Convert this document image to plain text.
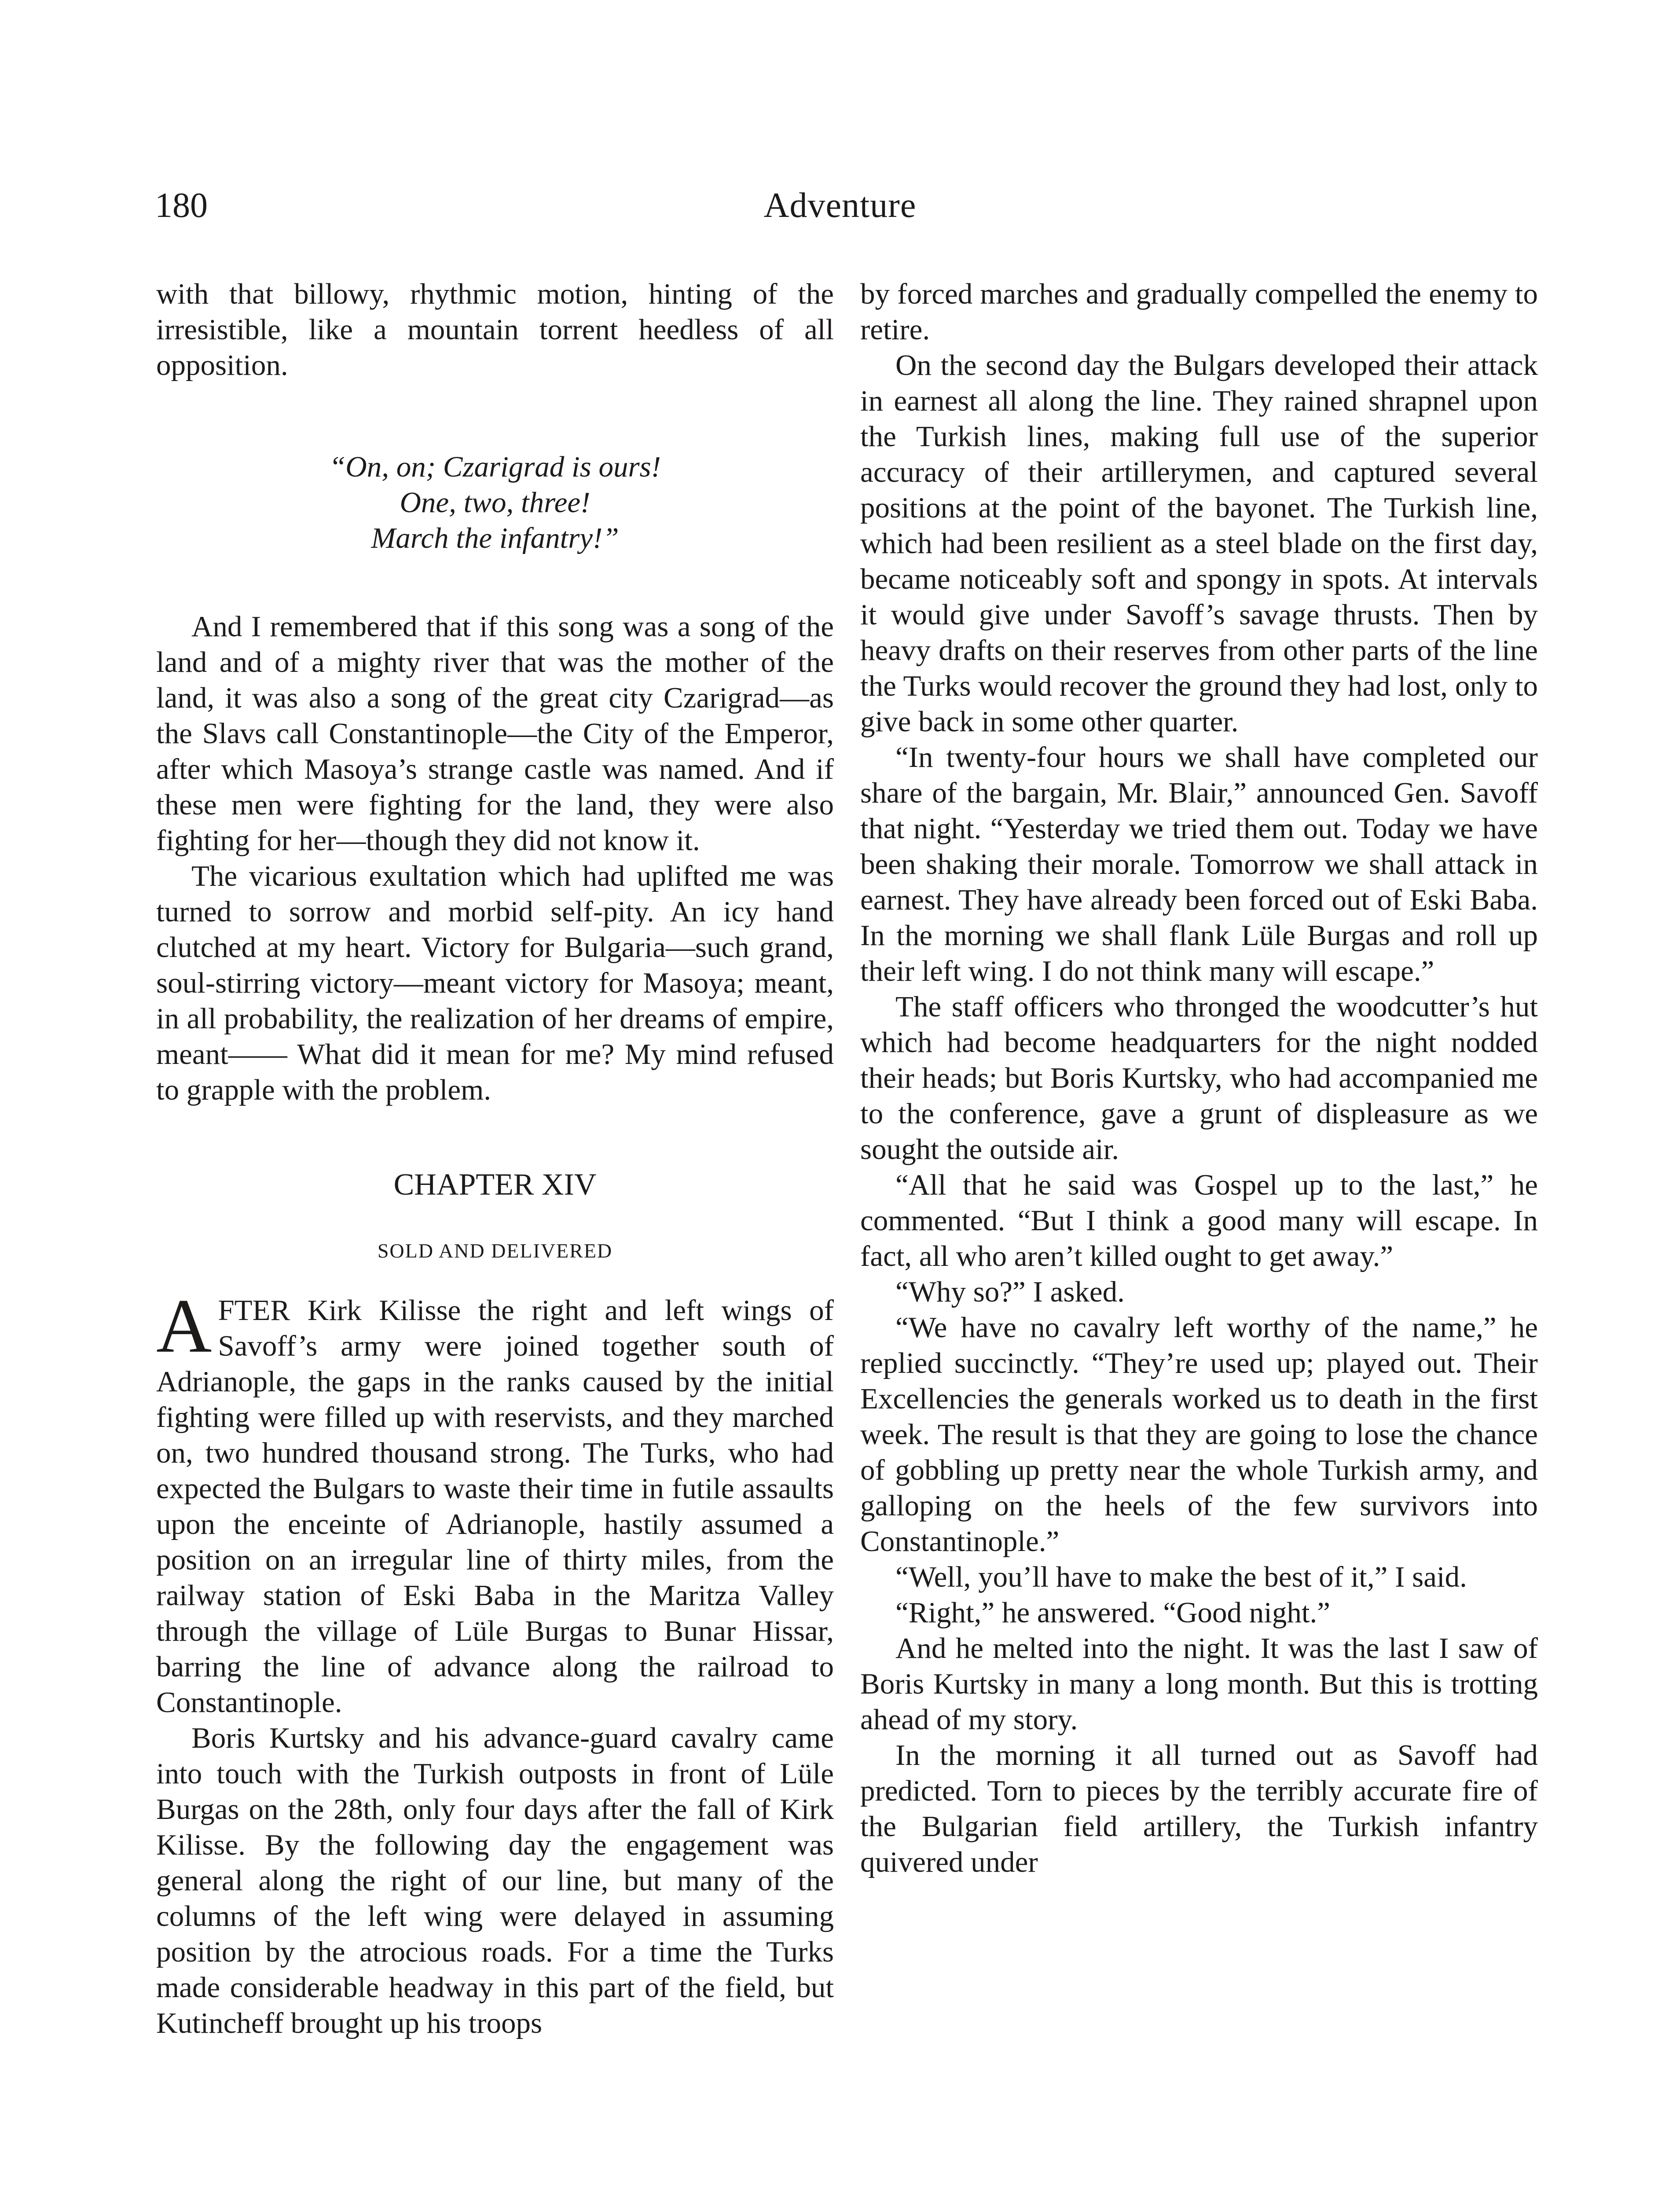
Adventure
180

with that billowy, rhythmic motion, hinting of the irresistible, like a mountain torrent heedless of all opposition.

“On, on; Czarigrad is ours!
One, two, three!
March the infantry!”

And I remembered that if this song was a song of the land and of a mighty river that was the mother of the land, it was also a song of the great city Czarigrad—as the Slavs call Constantinople—the City of the Emperor, after which Masoya’s strange castle was named. And if these men were fighting for the land, they were also fighting for her—though they did not know it.

The vicarious exultation which had uplifted me was turned to sorrow and morbid self-pity. An icy hand clutched at my heart. Victory for Bulgaria—such grand, soul-stirring victory—meant victory for Masoya; meant, in all probability, the realization of her dreams of empire, meant—— What did it mean for me? My mind refused to grapple with the problem.

CHAPTER XIV
SOLD AND DELIVERED

AFTER Kirk Kilisse the right and left wings of Savoff’s army were joined together south of Adrianople, the gaps in the ranks caused by the initial fighting were filled up with reservists, and they marched on, two hundred thousand strong. The Turks, who had expected the Bulgars to waste their time in futile assaults upon the enceinte of Adrianople, hastily assumed a position on an irregular line of thirty miles, from the railway station of Eski Baba in the Maritza Valley through the village of Lüle Burgas to Bunar Hissar, barring the line of advance along the railroad to Constantinople.

Boris Kurtsky and his advance-guard cavalry came into touch with the Turkish outposts in front of Lüle Burgas on the 28th, only four days after the fall of Kirk Kilisse. By the following day the engagement was general along the right of our line, but many of the columns of the left wing were delayed in assuming position by the atrocious roads. For a time the Turks made considerable headway in this part of the field, but Kutincheff brought up his troops

by forced marches and gradually compelled the enemy to retire.

On the second day the Bulgars developed their attack in earnest all along the line. They rained shrapnel upon the Turkish lines, making full use of the superior accuracy of their artillerymen, and captured several positions at the point of the bayonet. The Turkish line, which had been resilient as a steel blade on the first day, became noticeably soft and spongy in spots. At intervals it would give under Savoff’s savage thrusts. Then by heavy drafts on their reserves from other parts of the line the Turks would recover the ground they had lost, only to give back in some other quarter.

“In twenty-four hours we shall have completed our share of the bargain, Mr. Blair,” announced Gen. Savoff that night. “Yesterday we tried them out. Today we have been shaking their morale. Tomorrow we shall attack in earnest. They have already been forced out of Eski Baba. In the morning we shall flank Lüle Burgas and roll up their left wing. I do not think many will escape.”

The staff officers who thronged the woodcutter’s hut which had become headquarters for the night nodded their heads; but Boris Kurtsky, who had accompanied me to the conference, gave a grunt of displeasure as we sought the outside air.

“All that he said was Gospel up to the last,” he commented. “But I think a good many will escape. In fact, all who aren’t killed ought to get away.”

“Why so?” I asked.

“We have no cavalry left worthy of the name,” he replied succinctly. “They’re used up; played out. Their Excellencies the generals worked us to death in the first week. The result is that they are going to lose the chance of gobbling up pretty near the whole Turkish army, and galloping on the heels of the few survivors into Constantinople.”

“Well, you’ll have to make the best of it,” I said.

“Right,” he answered. “Good night.”

And he melted into the night. It was the last I saw of Boris Kurtsky in many a long month. But this is trotting ahead of my story.

In the morning it all turned out as Savoff had predicted. Torn to pieces by the terribly accurate fire of the Bulgarian field artillery, the Turkish infantry quivered under
